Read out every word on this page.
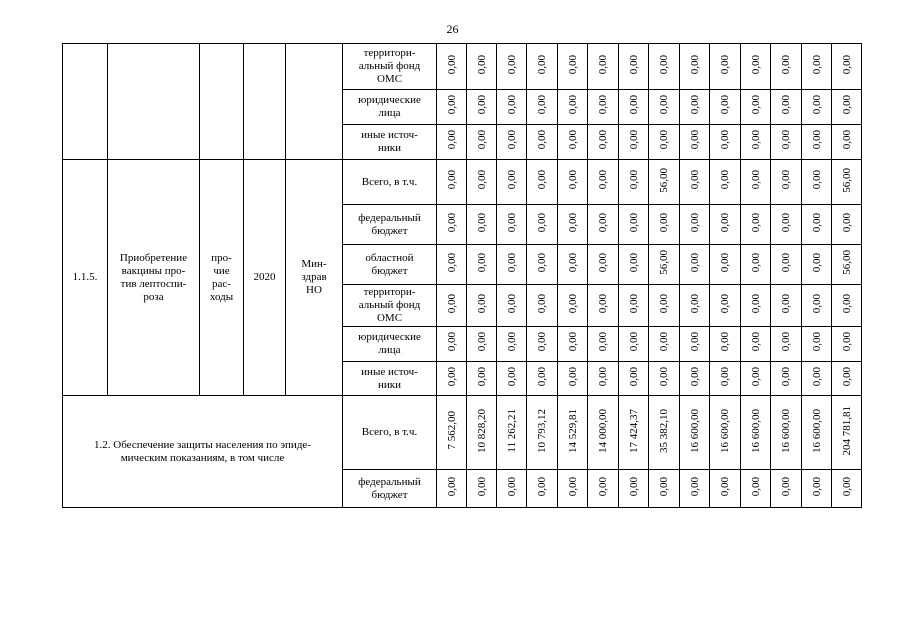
26
					территори-
альный фонд
ОМС	0,00	0,00	0,00	0,00	0,00	0,00	0,00	0,00	0,00	0,00	0,00	0,00	0,00	0,00
					юридические
лица	0,00	0,00	0,00	0,00	0,00	0,00	0,00	0,00	0,00	0,00	0,00	0,00	0,00	0,00
					иные источ-
ники	0,00	0,00	0,00	0,00	0,00	0,00	0,00	0,00	0,00	0,00	0,00	0,00	0,00	0,00
1.1.5.	Приобретение
вакцины про-
тив лептоспи-
роза	про-
чие
рас-
ходы	2020	Мин-
здрав
НО	Всего, в т.ч.	0,00	0,00	0,00	0,00	0,00	0,00	0,00	56,00	0,00	0,00	0,00	0,00	0,00	56,00
					федеральный
бюджет	0,00	0,00	0,00	0,00	0,00	0,00	0,00	0,00	0,00	0,00	0,00	0,00	0,00	0,00
					областной
бюджет	0,00	0,00	0,00	0,00	0,00	0,00	0,00	56,00	0,00	0,00	0,00	0,00	0,00	56,00
					территори-
альный фонд
ОМС	0,00	0,00	0,00	0,00	0,00	0,00	0,00	0,00	0,00	0,00	0,00	0,00	0,00	0,00
					юридические
лица	0,00	0,00	0,00	0,00	0,00	0,00	0,00	0,00	0,00	0,00	0,00	0,00	0,00	0,00
					иные источ-
ники	0,00	0,00	0,00	0,00	0,00	0,00	0,00	0,00	0,00	0,00	0,00	0,00	0,00	0,00
1.2. Обеспечение защиты населения по эпиде-
мическим показаниям, в том числе					Всего, в т.ч.	7 562,00	10 828,20	11 262,21	10 793,12	14 529,81	14 000,00	17 424,37	35 382,10	16 600,00	16 600,00	16 600,00	16 600,00	16 600,00	204 781,81
					федеральный
бюджет	0,00	0,00	0,00	0,00	0,00	0,00	0,00	0,00	0,00	0,00	0,00	0,00	0,00	0,00
